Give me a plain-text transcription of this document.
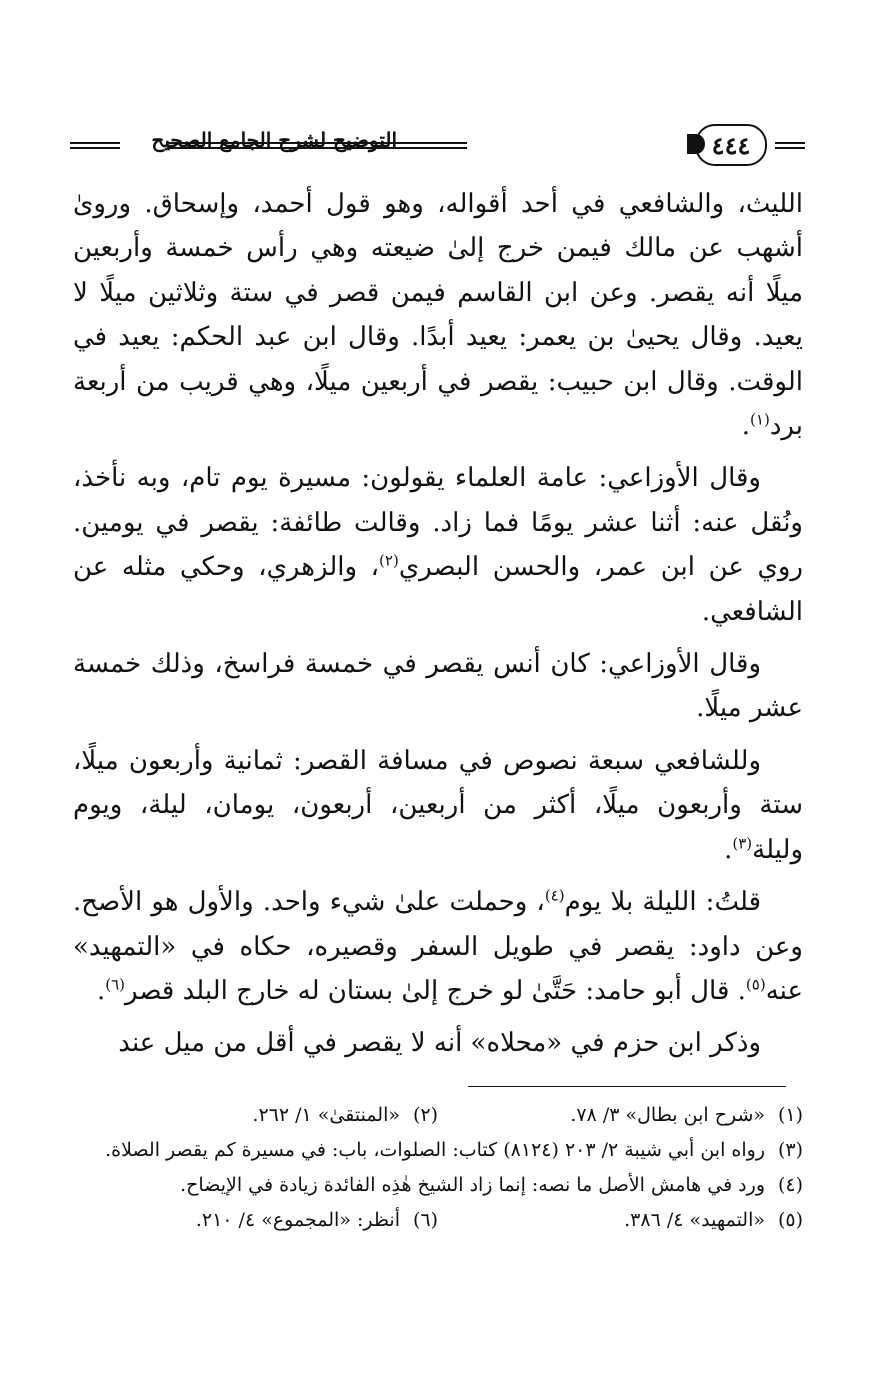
٤٤٤
التوضيح لشرح الجامع الصحيح

الليث، والشافعي في أحد أقواله، وهو قول أحمد، وإسحاق. وروىٰ أشهب عن مالك فيمن خرج إلىٰ ضيعته وهي رأس خمسة وأربعين ميلًا أنه يقصر. وعن ابن القاسم فيمن قصر في ستة وثلاثين ميلًا لا يعيد. وقال يحيىٰ بن يعمر: يعيد أبدًا. وقال ابن عبد الحكم: يعيد في الوقت. وقال ابن حبيب: يقصر في أربعين ميلًا، وهي قريب من أربعة برد$^{(١)}$.

وقال الأوزاعي: عامة العلماء يقولون: مسيرة يوم تام، وبه نأخذ، ونُقل عنه: أثنا عشر يومًا فما زاد. وقالت طائفة: يقصر في يومين. روي عن ابن عمر، والحسن البصري$^{(٢)}$، والزهري، وحكي مثله عن الشافعي.

وقال الأوزاعي: كان أنس يقصر في خمسة فراسخ، وذلك خمسة عشر ميلًا.

وللشافعي سبعة نصوص في مسافة القصر: ثمانية وأربعون ميلًا، ستة وأربعون ميلًا، أكثر من أربعين، أربعون، يومان، ليلة، ويوم وليلة$^{(٣)}$.

قلتُ: الليلة بلا يوم$^{(٤)}$، وحملت علىٰ شيء واحد. والأول هو الأصح. وعن داود: يقصر في طويل السفر وقصيره، حكاه في «التمهيد» عنه$^{(٥)}$. قال أبو حامد: حَتَّىٰ لو خرج إلىٰ بستان له خارج البلد قصر$^{(٦)}$.

وذكر ابن حزم في «محلاه» أنه لا يقصر في أقل من ميل عند

(١)
«شرح ابن بطال» ٣/ ٧٨.
(٢)
«المنتقىٰ» ١/ ٢٦٢.
(٣)
رواه ابن أبي شيبة ٢/ ٢٠٣ (٨١٢٤) كتاب: الصلوات، باب: في مسيرة كم يقصر الصلاة.
(٤)
ورد في هامش الأصل ما نصه: إنما زاد الشيخ هٰذِه الفائدة زيادة في الإيضاح.
(٥)
«التمهيد» ٤/ ٣٨٦.
(٦)
أنظر: «المجموع» ٤/ ٢١٠.
